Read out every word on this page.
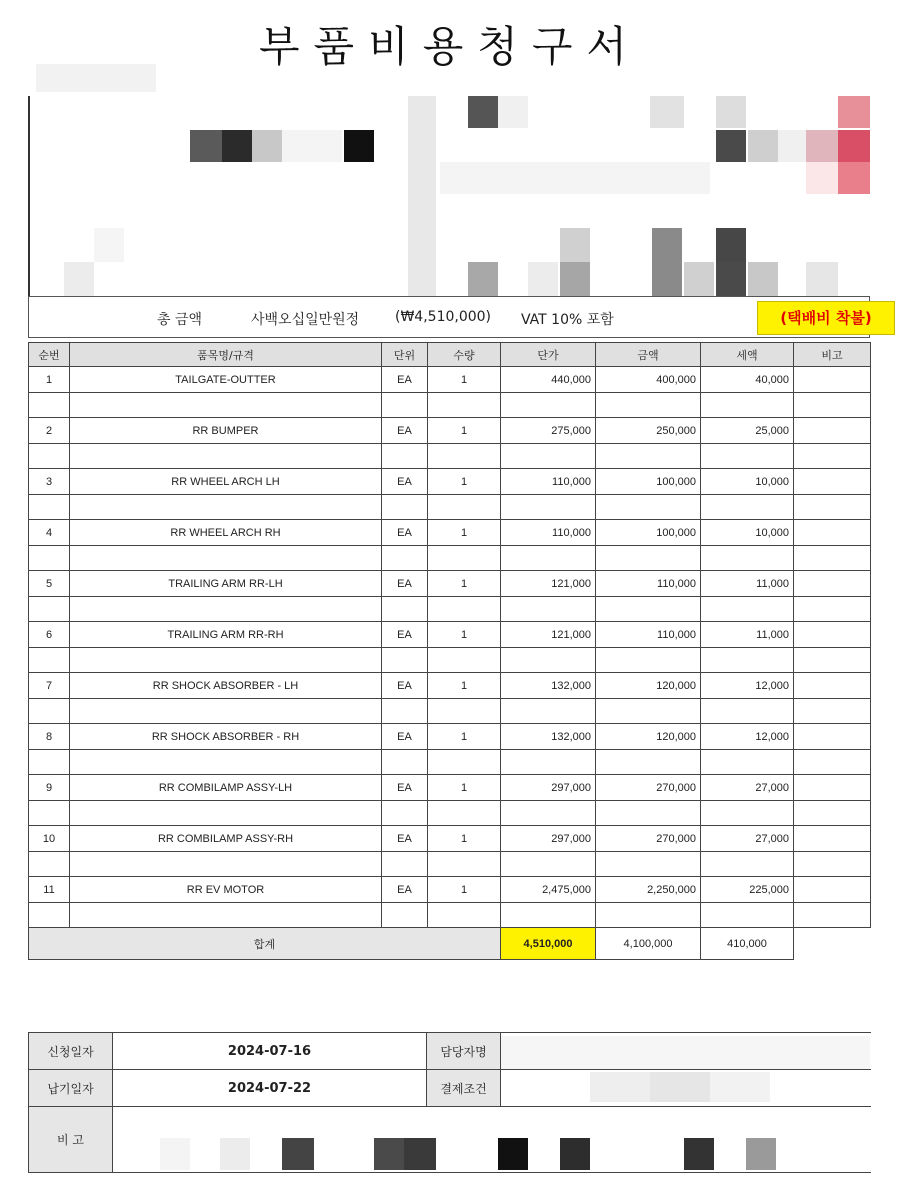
부품비용청구서
총 금액	사백오십일만원정	(₩4,510,000) VAT 10% 포함	(택배비 착불)
순번	품목명/규격	단위	수량	단가	금액	세액	비고
1	TAILGATE-OUTTER	EA	1	440,000	400,000	40,000	

2	RR BUMPER	EA	1	275,000	250,000	25,000	

3	RR WHEEL ARCH LH	EA	1	110,000	100,000	10,000	

4	RR WHEEL ARCH RH	EA	1	110,000	100,000	10,000	

5	TRAILING ARM RR-LH	EA	1	121,000	110,000	11,000	

6	TRAILING ARM RR-RH	EA	1	121,000	110,000	11,000	

7	RR SHOCK ABSORBER - LH	EA	1	132,000	120,000	12,000	

8	RR SHOCK ABSORBER - RH	EA	1	132,000	120,000	12,000	

9	RR COMBILAMP ASSY-LH	EA	1	297,000	270,000	27,000	

10	RR COMBILAMP ASSY-RH	EA	1	297,000	270,000	27,000	

11	RR EV MOTOR	EA	1	2,475,000	2,250,000	225,000	

합계				4,510,000	4,100,000	410,000	
신청일자	2024-07-16	담당자명	
납기일자	2024-07-22	결제조건	
비 고			
